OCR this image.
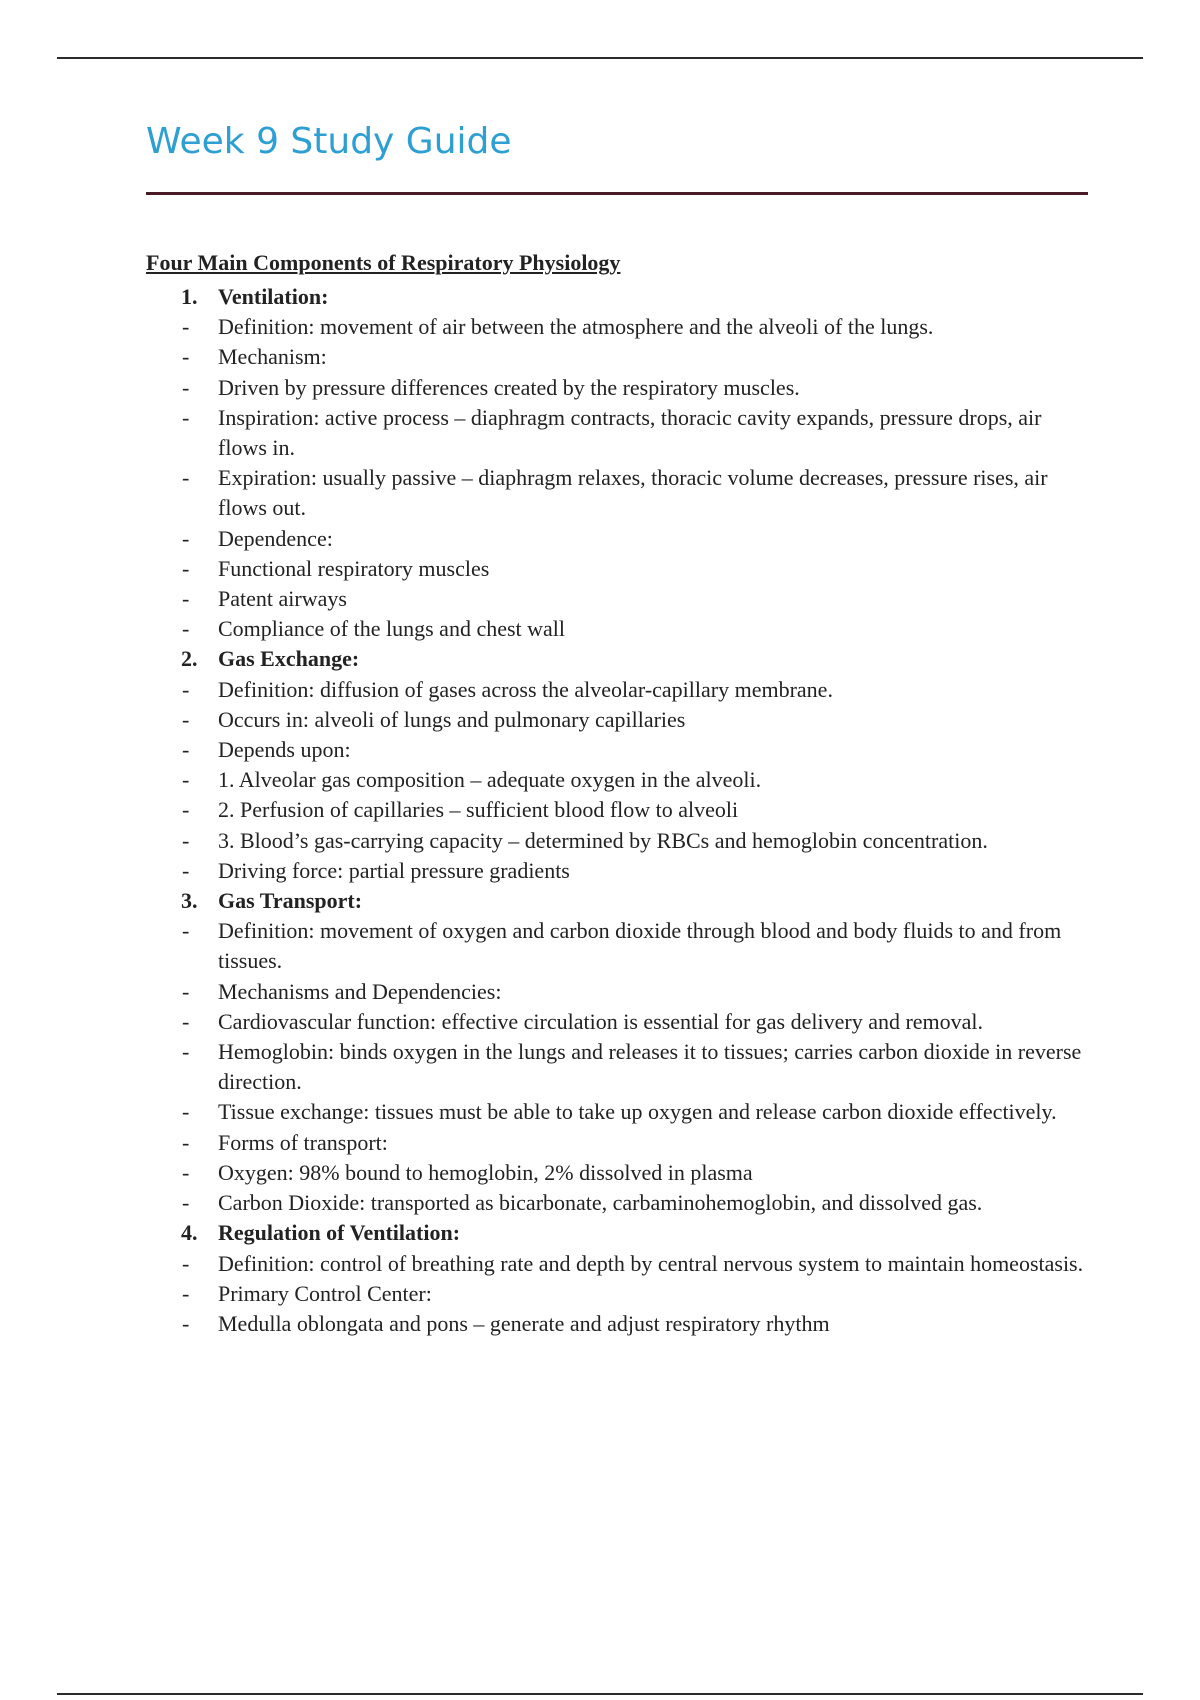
Week 9 Study Guide
Four Main Components of Respiratory Physiology
1. Ventilation:
- Definition: movement of air between the atmosphere and the alveoli of the lungs.
- Mechanism:
- Driven by pressure differences created by the respiratory muscles.
- Inspiration: active process – diaphragm contracts, thoracic cavity expands, pressure drops, air flows in.
- Expiration: usually passive – diaphragm relaxes, thoracic volume decreases, pressure rises, air flows out.
- Dependence:
- Functional respiratory muscles
- Patent airways
- Compliance of the lungs and chest wall
2. Gas Exchange:
- Definition: diffusion of gases across the alveolar-capillary membrane.
- Occurs in: alveoli of lungs and pulmonary capillaries
- Depends upon:
- 1. Alveolar gas composition – adequate oxygen in the alveoli.
- 2. Perfusion of capillaries – sufficient blood flow to alveoli
- 3. Blood’s gas-carrying capacity – determined by RBCs and hemoglobin concentration.
- Driving force: partial pressure gradients
3. Gas Transport:
- Definition: movement of oxygen and carbon dioxide through blood and body fluids to and from tissues.
- Mechanisms and Dependencies:
- Cardiovascular function: effective circulation is essential for gas delivery and removal.
- Hemoglobin: binds oxygen in the lungs and releases it to tissues; carries carbon dioxide in reverse direction.
- Tissue exchange: tissues must be able to take up oxygen and release carbon dioxide effectively.
- Forms of transport:
- Oxygen: 98% bound to hemoglobin, 2% dissolved in plasma
- Carbon Dioxide: transported as bicarbonate, carbaminohemoglobin, and dissolved gas.
4. Regulation of Ventilation:
- Definition: control of breathing rate and depth by central nervous system to maintain homeostasis.
- Primary Control Center:
- Medulla oblongata and pons – generate and adjust respiratory rhythm
